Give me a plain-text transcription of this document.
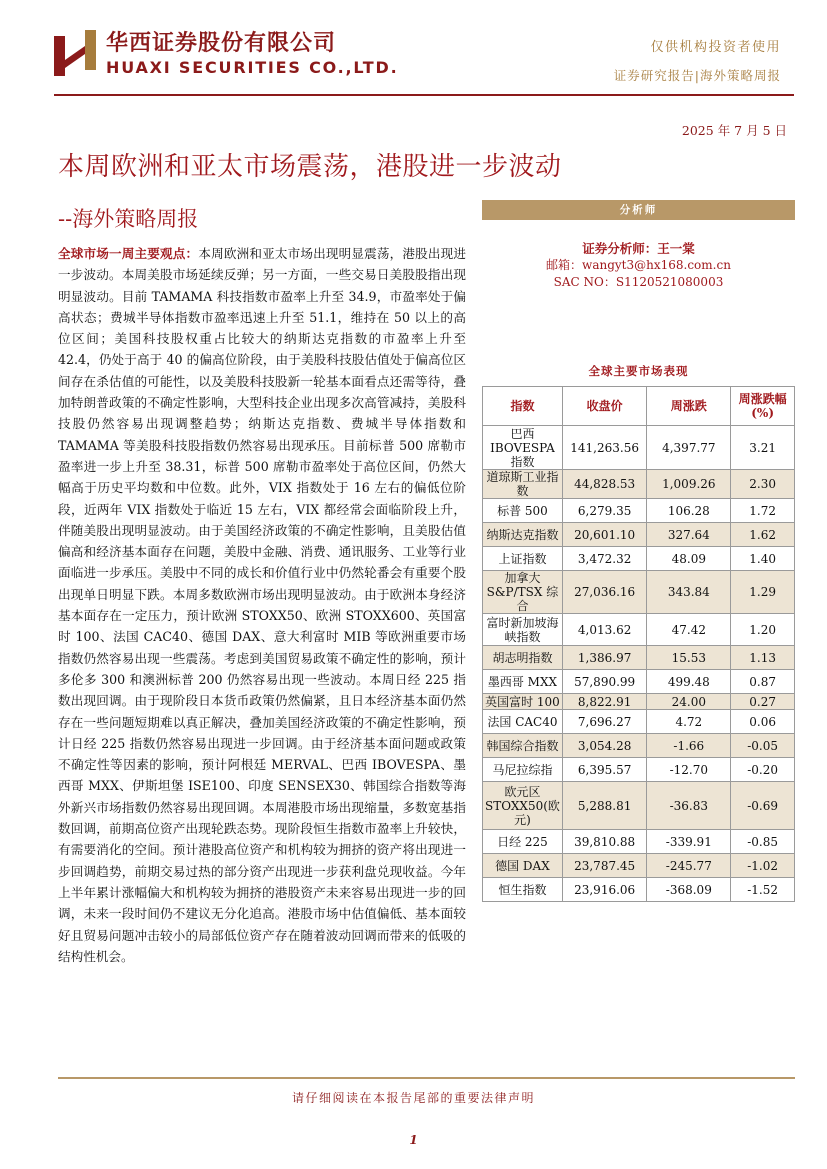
华西证券股份有限公司
HUAXI SECURITIES CO.,LTD.
仅供机构投资者使用
证券研究报告|海外策略周报
2025 年 7 月 5 日
本周欧洲和亚太市场震荡，港股进一步波动
--海外策略周报
全球市场一周主要观点：本周欧洲和亚太市场出现明显震荡，港股出现进一步波动。本周美股市场延续反弹；另一方面，一些交易日美股股指出现明显波动。目前 TAMAMA 科技指数市盈率上升至 34.9，市盈率处于偏高状态；费城半导体指数市盈率迅速上升至 51.1，维持在 50 以上的高位区间；美国科技股权重占比较大的纳斯达克指数的市盈率上升至 42.4，仍处于高于 40 的偏高位阶段，由于美股科技股估值处于偏高位区间存在杀估值的可能性，以及美股科技股新一轮基本面看点还需等待，叠加特朗普政策的不确定性影响，大型科技企业出现多次高管减持，美股科技股仍然容易出现调整趋势；纳斯达克指数、费城半导体指数和 TAMAMA 等美股科技股指数仍然容易出现承压。目前标普 500 席勒市盈率进一步上升至 38.31，标普 500 席勒市盈率处于高位区间，仍然大幅高于历史平均数和中位数。此外，VIX 指数处于 16 左右的偏低位阶段，近两年 VIX 指数处于临近 15 左右，VIX 都经常会面临阶段上升，伴随美股出现明显波动。由于美国经济政策的不确定性影响，且美股估值偏高和经济基本面存在问题，美股中金融、消费、通讯服务、工业等行业面临进一步承压。美股中不同的成长和价值行业中仍然轮番会有重要个股出现单日明显下跌。本周多数欧洲市场出现明显波动。由于欧洲本身经济基本面存在一定压力，预计欧洲 STOXX50、欧洲 STOXX600、英国富时 100、法国 CAC40、德国 DAX、意大利富时 MIB 等欧洲重要市场指数仍然容易出现一些震荡。考虑到美国贸易政策不确定性的影响，预计多伦多 300 和澳洲标普 200 仍然容易出现一些波动。本周日经 225 指数出现回调。由于现阶段日本货币政策仍然偏紧，且日本经济基本面仍然存在一些问题短期难以真正解决，叠加美国经济政策的不确定性影响，预计日经 225 指数仍然容易出现进一步回调。由于经济基本面问题或政策不确定性等因素的影响，预计阿根廷 MERVAL、巴西 IBOVESPA、墨西哥 MXX、伊斯坦堡 ISE100、印度 SENSEX30、韩国综合指数等海外新兴市场指数仍然容易出现回调。本周港股市场出现缩量，多数宽基指数回调，前期高位资产出现轮跌态势。现阶段恒生指数市盈率上升较快，有需要消化的空间。预计港股高位资产和机构较为拥挤的资产将出现进一步回调趋势，前期交易过热的部分资产出现进一步获利盘兑现收益。今年上半年累计涨幅偏大和机构较为拥挤的港股资产未来容易出现进一步的回调，未来一段时间仍不建议无分化追高。港股市场中估值偏低、基本面较好且贸易问题冲击较小的局部低位资产存在随着波动回调而带来的低吸的结构性机会。
分析师
证券分析师：王一棠
邮箱：wangyt3@hx168.com.cn
SAC NO：S1120521080003
全球主要市场表现
指数	收盘价	周涨跌	周涨跌幅(%)
巴西 IBOVESPA 指数	141,263.56	4,397.77	3.21
道琼斯工业指数	44,828.53	1,009.26	2.30
标普 500	6,279.35	106.28	1.72
纳斯达克指数	20,601.10	327.64	1.62
上证指数	3,472.32	48.09	1.40
加拿大 S&P/TSX 综合	27,036.16	343.84	1.29
富时新加坡海峡指数	4,013.62	47.42	1.20
胡志明指数	1,386.97	15.53	1.13
墨西哥 MXX	57,890.99	499.48	0.87
英国富时 100	8,822.91	24.00	0.27
法国 CAC40	7,696.27	4.72	0.06
韩国综合指数	3,054.28	-1.66	-0.05
马尼拉综指	6,395.57	-12.70	-0.20
欧元区 STOXX50(欧元)	5,288.81	-36.83	-0.69
日经 225	39,810.88	-339.91	-0.85
德国 DAX	23,787.45	-245.77	-1.02
恒生指数	23,916.06	-368.09	-1.52
请仔细阅读在本报告尾部的重要法律声明
1
